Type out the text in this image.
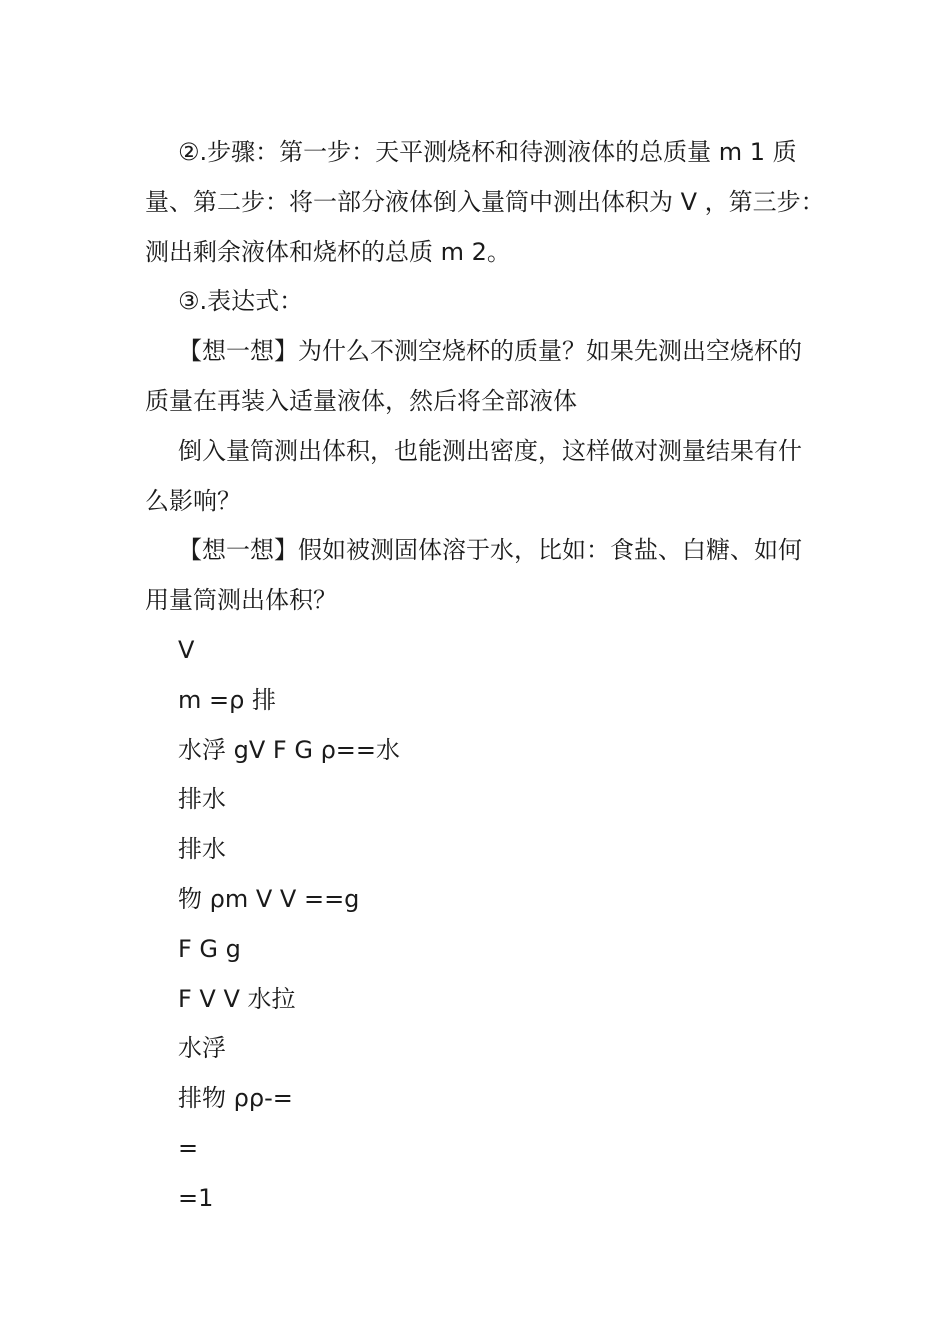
②.步骤：第一步：天平测烧杯和待测液体的总质量 m 1 质量、第二步：将一部分液体倒入量筒中测出体积为 V ，第三步：测出剩余液体和烧杯的总质 m 2。

③.表达式：

【想一想】为什么不测空烧杯的质量？如果先测出空烧杯的质量在再装入适量液体，然后将全部液体

倒入量筒测出体积，也能测出密度，这样做对测量结果有什么影响？

【想一想】假如被测固体溶于水，比如：食盐、白糖、如何用量筒测出体积？

V

m =ρ 排

水浮 gV F G ρ==水

排水

排水

物 ρm V V ==g

F G g

F V V 水拉

水浮

排物 ρρ-=

=

=1
